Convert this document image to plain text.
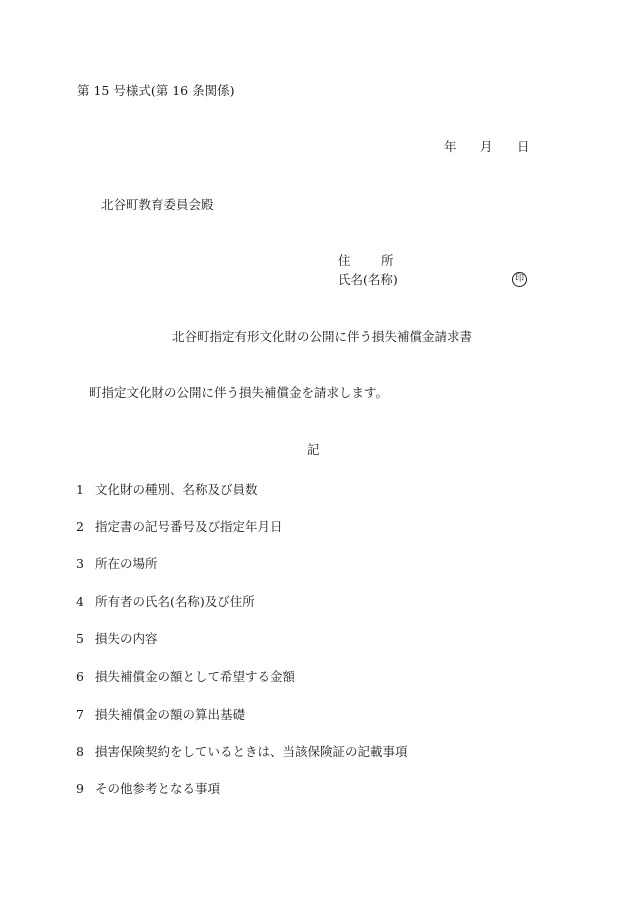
第 15 号様式(第 16 条関係)
年	月	日
北谷町教育委員会殿
住 所
氏名(名称)	印
北谷町指定有形文化財の公開に伴う損失補償金請求書
町指定文化財の公開に伴う損失補償金を請求します。
記
1 文化財の種別、名称及び員数
2 指定書の記号番号及び指定年月日
3 所在の場所
4 所有者の氏名(名称)及び住所
5 損失の内容
6 損失補償金の額として希望する金額
7 損失補償金の額の算出基礎
8 損害保険契約をしているときは、当該保険証の記載事項
9 その他参考となる事項
